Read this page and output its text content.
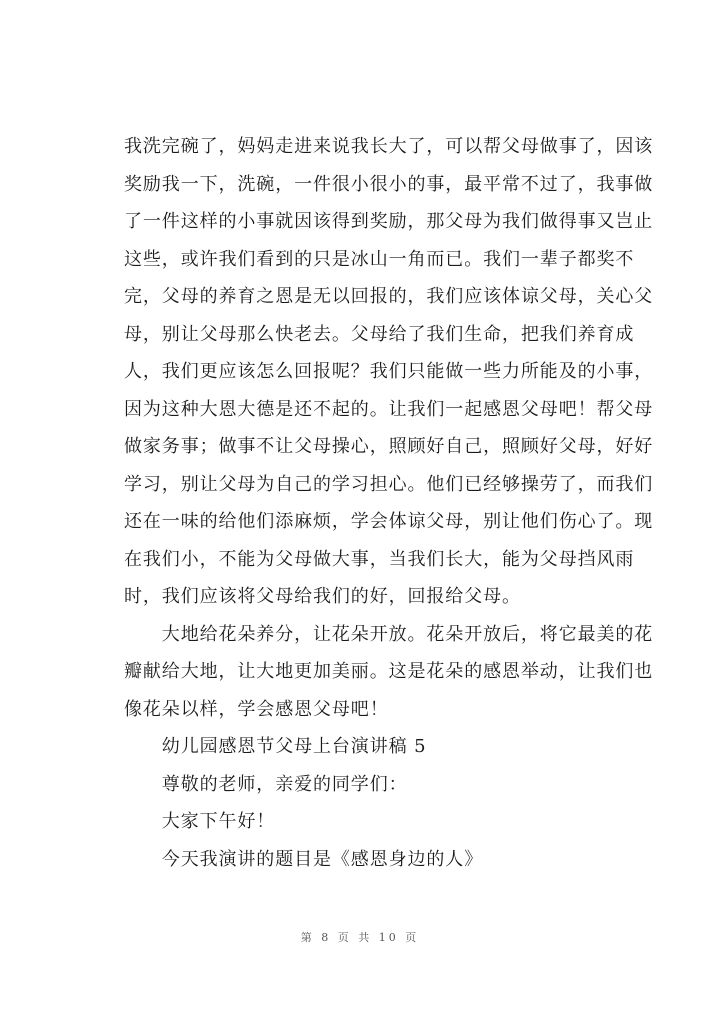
我洗完碗了，妈妈走进来说我长大了，可以帮父母做事了，因该
奖励我一下，洗碗，一件很小很小的事，最平常不过了，我事做
了一件这样的小事就因该得到奖励，那父母为我们做得事又岂止
这些，或许我们看到的只是冰山一角而已。我们一辈子都奖不
完，父母的养育之恩是无以回报的，我们应该体谅父母，关心父
母，别让父母那么快老去。父母给了我们生命，把我们养育成
人，我们更应该怎么回报呢？我们只能做一些力所能及的小事，
因为这种大恩大德是还不起的。让我们一起感恩父母吧！帮父母
做家务事；做事不让父母操心，照顾好自己，照顾好父母，好好
学习，别让父母为自己的学习担心。他们已经够操劳了，而我们
还在一味的给他们添麻烦，学会体谅父母，别让他们伤心了。现
在我们小，不能为父母做大事，当我们长大，能为父母挡风雨
时，我们应该将父母给我们的好，回报给父母。

　　大地给花朵养分，让花朵开放。花朵开放后，将它最美的花
瓣献给大地，让大地更加美丽。这是花朵的感恩举动，让我们也
像花朵以样，学会感恩父母吧！

　　幼儿园感恩节父母上台演讲稿 5

　　尊敬的老师，亲爱的同学们：

　　大家下午好！

　　今天我演讲的题目是《感恩身边的人》

第 8 页 共 10 页
